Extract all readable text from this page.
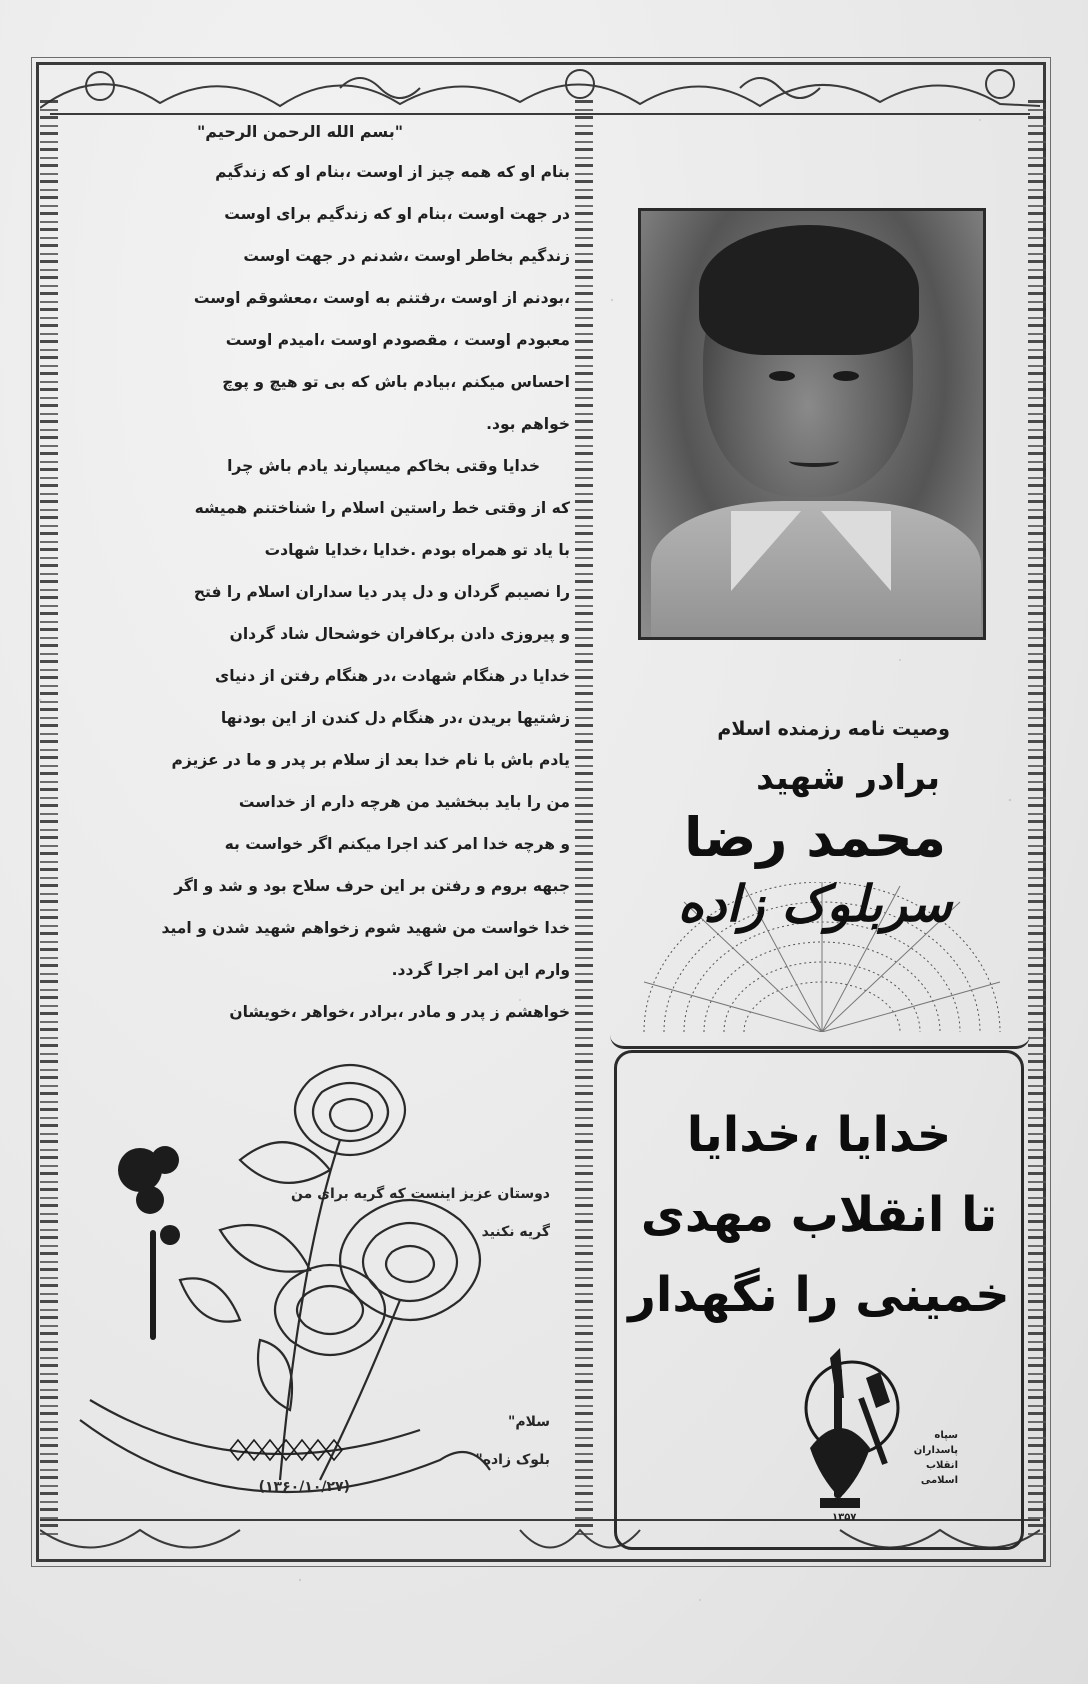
"بسم الله الرحمن الرحیم"
بنام او که همه چیز از اوست ،بنام او که زندگیم
در جهت اوست ،بنام او که زندگیم برای اوست
زندگیم بخاطر اوست ،شدنم در جهت اوست
،بودنم از اوست ،رفتنم به اوست ،معشوقم اوست
معبودم اوست ، مقصودم اوست ،امیدم اوست
احساس میکنم ،بیادم باش که بی تو هیچ و پوچ
خواهم بود.
خدایا وقتی بخاکم میسپارند یادم باش چرا
که از وقتی خط راستین اسلام را شناختنم همیشه
با یاد تو همراه بودم .خدایا ،خدایا شهادت
را نصیبم گردان و دل پدر دیا سداران اسلام را فتح
و پیروزی دادن برکافران خوشحال شاد گردان
خدایا در هنگام شهادت ،در هنگام رفتن از دنیای
زشتیها بریدن ،در هنگام دل کندن از این بودنها
یادم باش با نام خدا بعد از سلام بر پدر و ما در عزیزم
من را باید ببخشید من هرچه دارم از خداست
و هرچه خدا امر کند اجرا میکنم اگر خواست به
جبهه بروم و رفتن بر این حرف سلاح بود و شد و اگر
خدا خواست من شهید شوم زخواهم شهید شدن و امید
وارم این امر اجرا گردد.
خواهشم ز پدر و مادر ،برادر ،خواهر ،خویشان
دوستان عزیز اینست که گریه برای من
گریه نکنید
سلام"
بلوک زاده"
(۱۳۶۰/۱۰/۲۷)
وصیت نامه رزمنده اسلام
برادر شهید
محمد رضا
سربلوک زاده
خدایا ،خدایا
تا انقلاب مهدی
خمینی را نگهدار
سپاه
پاسداران
انقلاب
اسلامی
۱۳۵۷
